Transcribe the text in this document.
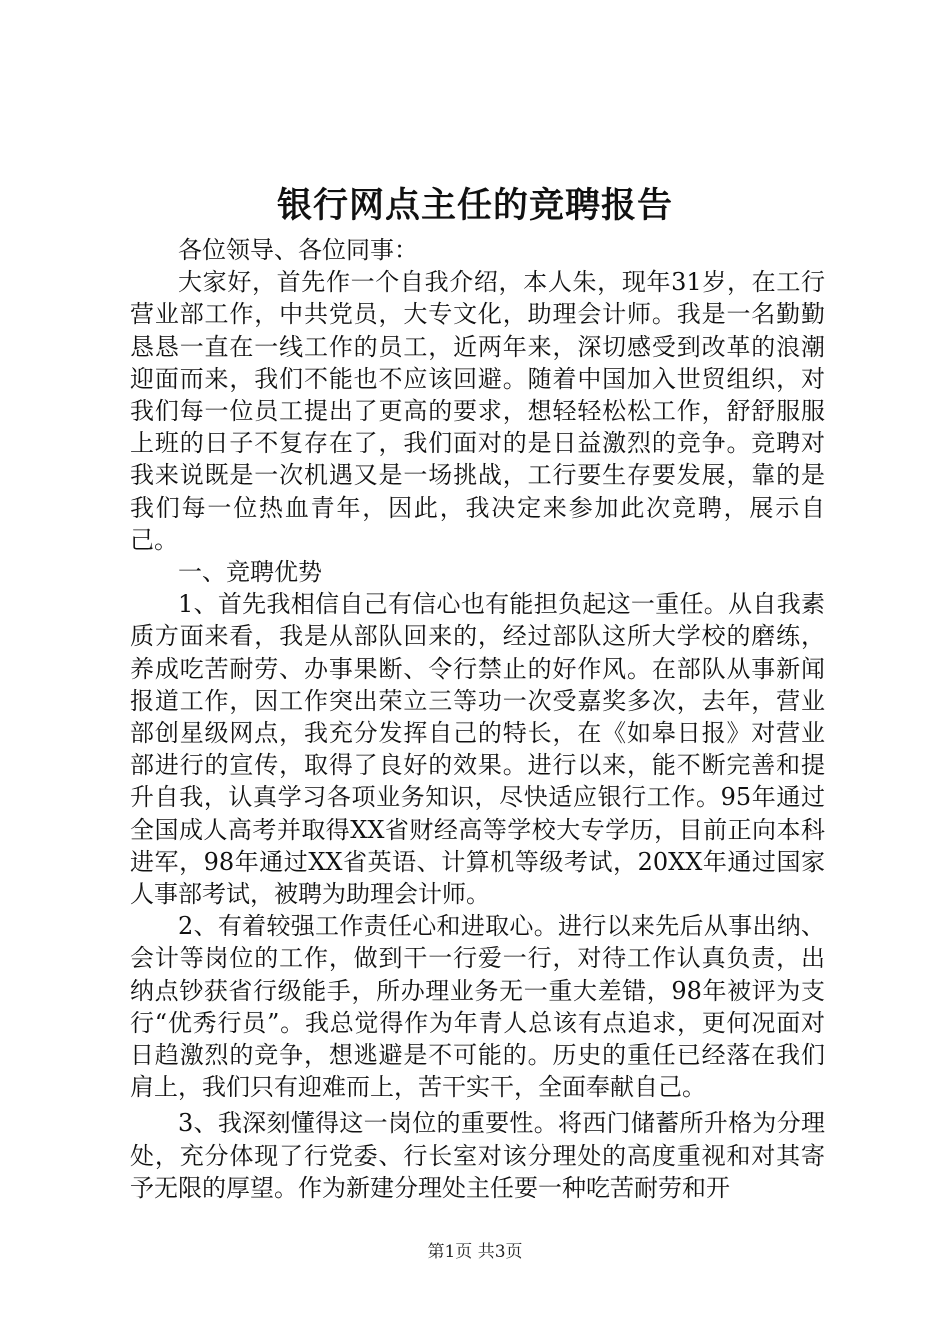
银行网点主任的竞聘报告

各位领导、各位同事：

大家好，首先作一个自我介绍，本人朱，现年31岁，在工行营业部工作，中共党员，大专文化，助理会计师。我是一名勤勤恳恳一直在一线工作的员工，近两年来，深切感受到改革的浪潮迎面而来，我们不能也不应该回避。随着中国加入世贸组织，对我们每一位员工提出了更高的要求，想轻轻松松工作，舒舒服服上班的日子不复存在了，我们面对的是日益激烈的竞争。竞聘对我来说既是一次机遇又是一场挑战，工行要生存要发展，靠的是我们每一位热血青年，因此，我决定来参加此次竞聘，展示自己。

一、竞聘优势

1、首先我相信自己有信心也有能担负起这一重任。从自我素质方面来看，我是从部队回来的，经过部队这所大学校的磨练，养成吃苦耐劳、办事果断、令行禁止的好作风。在部队从事新闻报道工作，因工作突出荣立三等功一次受嘉奖多次，去年，营业部创星级网点，我充分发挥自己的特长，在《如皋日报》对营业部进行的宣传，取得了良好的效果。进行以来，能不断完善和提升自我，认真学习各项业务知识，尽快适应银行工作。95年通过全国成人高考并取得XX省财经高等学校大专学历，目前正向本科进军，98年通过XX省英语、计算机等级考试，20XX年通过国家人事部考试，被聘为助理会计师。

2、有着较强工作责任心和进取心。进行以来先后从事出纳、会计等岗位的工作，做到干一行爱一行，对待工作认真负责，出纳点钞获省行级能手，所办理业务无一重大差错，98年被评为支行“优秀行员”。我总觉得作为年青人总该有点追求，更何况面对日趋激烈的竞争，想逃避是不可能的。历史的重任已经落在我们肩上，我们只有迎难而上，苦干实干，全面奉献自己。

3、我深刻懂得这一岗位的重要性。将西门储蓄所升格为分理处，充分体现了行党委、行长室对该分理处的高度重视和对其寄予无限的厚望。作为新建分理处主任要一种吃苦耐劳和开

第1页 共3页
